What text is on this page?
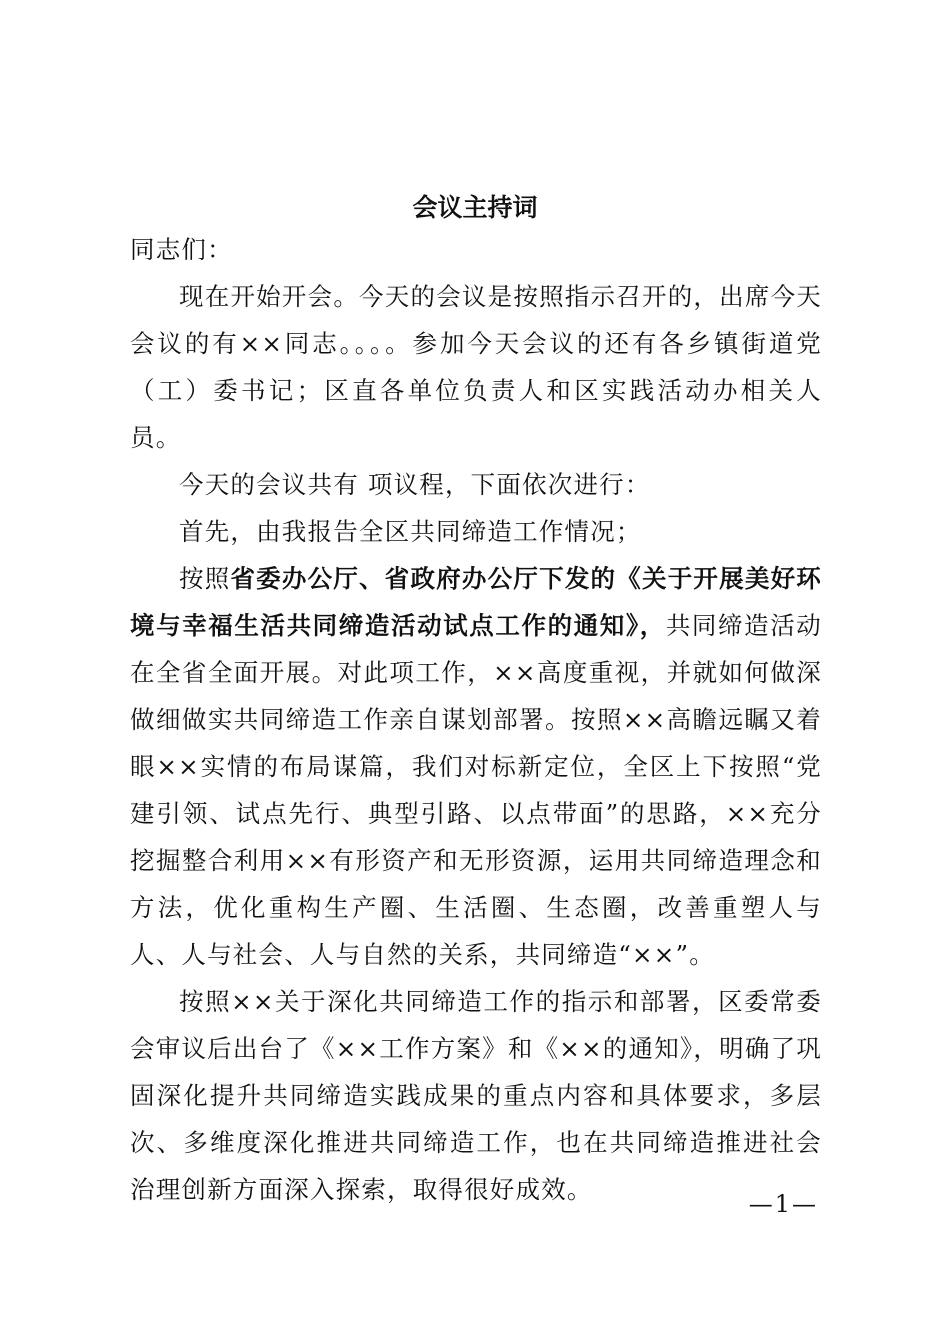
会议主持词

同志们：

现在开始开会。今天的会议是按照指示召开的，出席今天会议的有××同志。。。。参加今天会议的还有各乡镇街道党（工）委书记；区直各单位负责人和区实践活动办相关人员。

今天的会议共有 项议程，下面依次进行：

首先，由我报告全区共同缔造工作情况；

按照省委办公厅、省政府办公厅下发的《关于开展美好环境与幸福生活共同缔造活动试点工作的通知》，共同缔造活动在全省全面开展。对此项工作，××高度重视，并就如何做深做细做实共同缔造工作亲自谋划部署。按照××高瞻远瞩又着眼××实情的布局谋篇，我们对标新定位，全区上下按照“党建引领、试点先行、典型引路、以点带面”的思路，××充分挖掘整合利用××有形资产和无形资源，运用共同缔造理念和方法，优化重构生产圈、生活圈、生态圈，改善重塑人与人、人与社会、人与自然的关系，共同缔造“××”。

按照××关于深化共同缔造工作的指示和部署，区委常委会审议后出台了《××工作方案》和《××的通知》，明确了巩固深化提升共同缔造实践成果的重点内容和具体要求，多层次、多维度深化推进共同缔造工作，也在共同缔造推进社会治理创新方面深入探索，取得很好成效。	—1—
